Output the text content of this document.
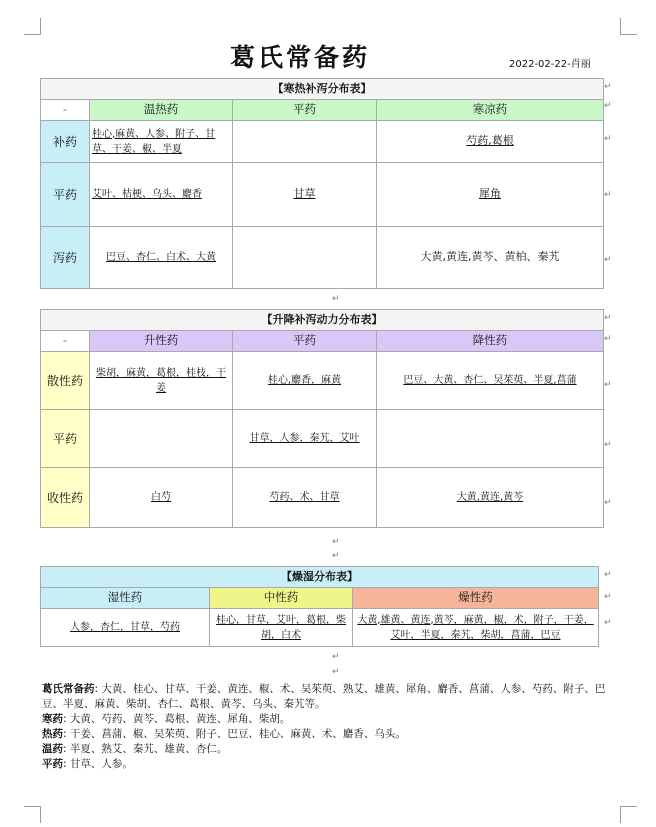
葛氏常备药	2022-02-22-肖丽
【寒热补泻分布表】			
-	温热药	平药	寒凉药
补药	桂心,麻黄、人参、附子、甘草、干姜、椒、半夏		芍药,葛根
平药	艾叶、桔梗、乌头、麝香	甘草	犀角
泻药	巴豆、杏仁、白术、大黄		大黄,黄连,黄芩、黄柏、秦艽
【升降补泻动力分布表】			
-	升性药	平药	降性药
散性药	柴胡，麻黄，葛根，桂枝，干姜	桂心,麝香，麻黄	巴豆、大黄、杏仁、吴茱萸、半夏,菖蒲
平药		甘草，人参，秦艽，艾叶	
收性药	白芍	芍药、术、甘草	大黄,黄连,黄芩
【燥湿分布表】		
湿性药	中性药	燥性药
人参，杏仁，甘草，芍药	桂心，甘草，艾叶，葛根，柴胡，白术	大黄,雄黄、黄连,黄芩，麻黄，椒，术，附子，干姜，艾叶，半夏，秦艽，柴胡，菖蒲，巴豆
↵
↵
↵
↵
↵
↵
↵
↵
↵
↵
↵
↵
↵
↵
↵
↵
↵
↵
葛氏常备药: 大黄、桂心、甘草、干姜、黄连、椒、术、吴茱萸、熟艾、雄黄、犀角、麝香、菖蒲、人参、芍药、附子、巴豆、半夏、麻黄、柴胡、杏仁、葛根、黄芩、乌头、秦艽等。
寒药: 大黄、芍药、黄芩、葛根、黄连、犀角、柴胡。
热药: 干姜、菖蒲、椒、吴茱萸、附子、巴豆、桂心、麻黄、术、麝香、乌头。
温药: 半夏、熟艾、秦艽、雄黄、杏仁。
平药: 甘草、人参。
